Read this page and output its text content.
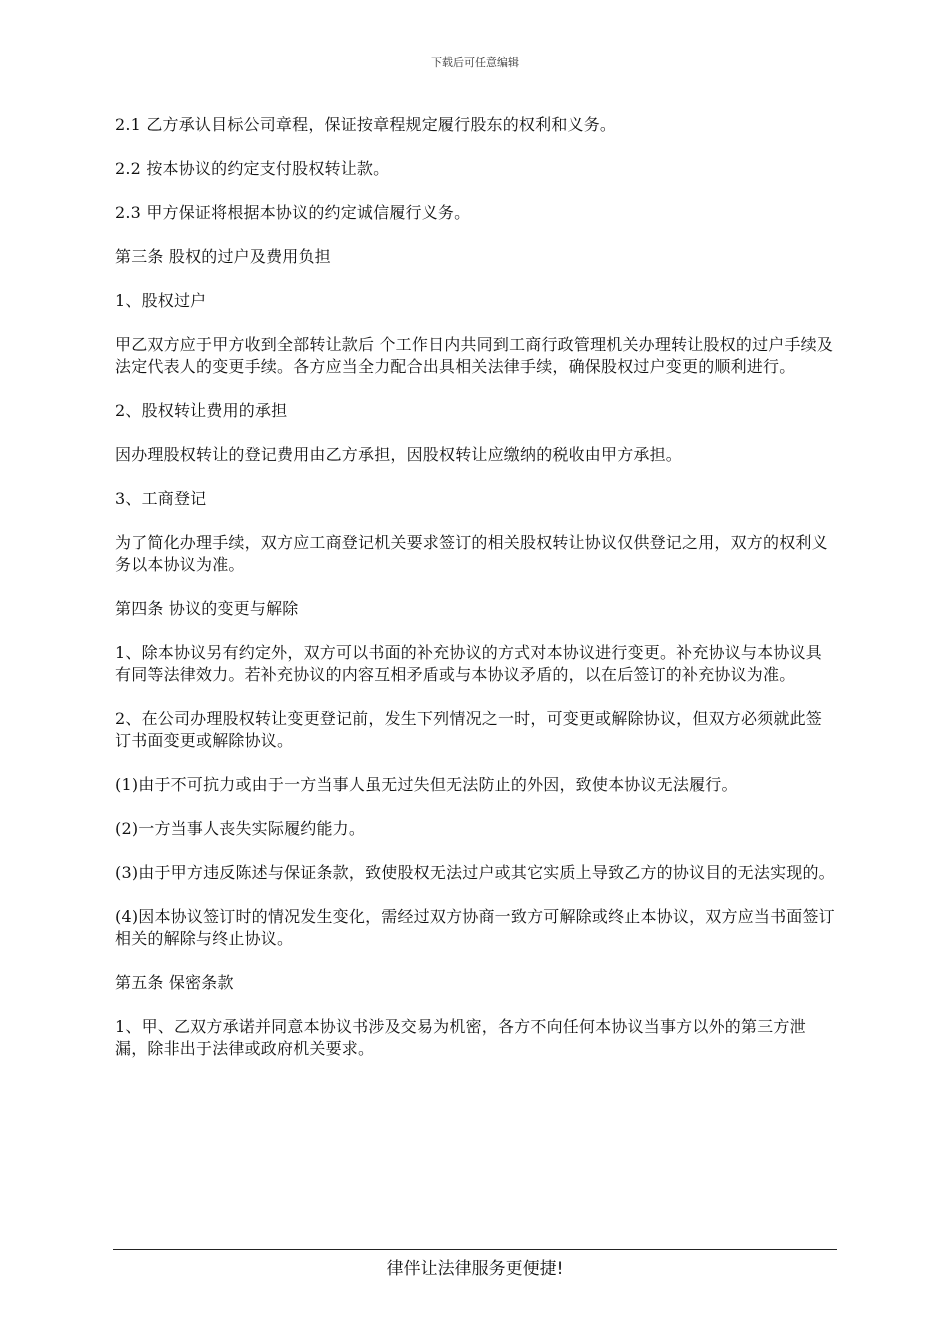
下载后可任意编辑

2.1 乙方承认目标公司章程，保证按章程规定履行股东的权利和义务。

2.2 按本协议的约定支付股权转让款。

2.3 甲方保证将根据本协议的约定诚信履行义务。

第三条 股权的过户及费用负担

1、股权过户

甲乙双方应于甲方收到全部转让款后 个工作日内共同到工商行政管理机关办理转让股权的过户手续及法定代表人的变更手续。各方应当全力配合出具相关法律手续，确保股权过户变更的顺利进行。

2、股权转让费用的承担

因办理股权转让的登记费用由乙方承担，因股权转让应缴纳的税收由甲方承担。

3、工商登记

为了简化办理手续，双方应工商登记机关要求签订的相关股权转让协议仅供登记之用，双方的权利义务以本协议为准。

第四条 协议的变更与解除

1、除本协议另有约定外，双方可以书面的补充协议的方式对本协议进行变更。补充协议与本协议具有同等法律效力。若补充协议的内容互相矛盾或与本协议矛盾的，以在后签订的补充协议为准。

2、在公司办理股权转让变更登记前，发生下列情况之一时，可变更或解除协议，但双方必须就此签订书面变更或解除协议。

(1)由于不可抗力或由于一方当事人虽无过失但无法防止的外因，致使本协议无法履行。

(2)一方当事人丧失实际履约能力。

(3)由于甲方违反陈述与保证条款，致使股权无法过户或其它实质上导致乙方的协议目的无法实现的。

(4)因本协议签订时的情况发生变化，需经过双方协商一致方可解除或终止本协议，双方应当书面签订相关的解除与终止协议。

第五条 保密条款

1、甲、乙双方承诺并同意本协议书涉及交易为机密，各方不向任何本协议当事方以外的第三方泄漏，除非出于法律或政府机关要求。

律伴让法律服务更便捷!
